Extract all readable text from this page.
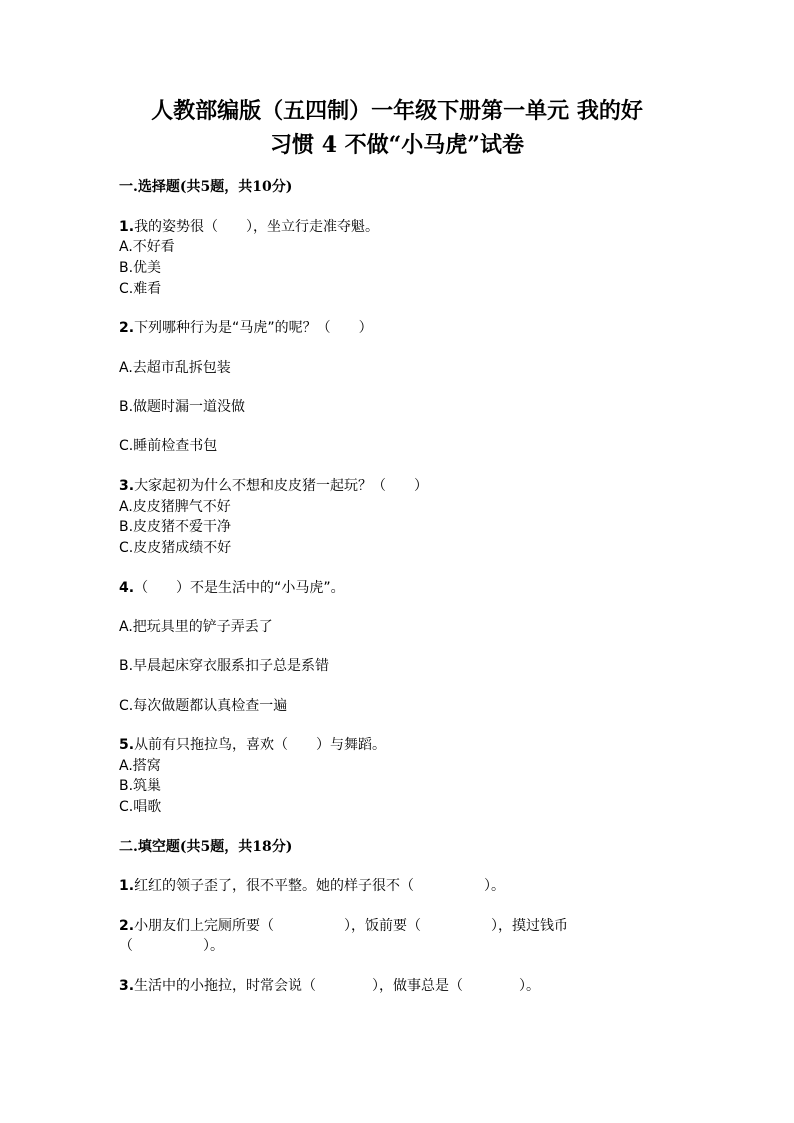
人教部编版（五四制）一年级下册第一单元 我的好
习惯 4 不做“小马虎”试卷
一.选择题(共5题，共10分)
1.我的姿势很（　　），坐立行走准夺魁。
A.不好看
B.优美
C.难看
2.下列哪种行为是“马虎”的呢？（　　）
A.去超市乱拆包装
B.做题时漏一道没做
C.睡前检查书包
3.大家起初为什么不想和皮皮猪一起玩？（　　）
A.皮皮猪脾气不好
B.皮皮猪不爱干净
C.皮皮猪成绩不好
4.（　　）不是生活中的“小马虎”。
A.把玩具里的铲子弄丢了
B.早晨起床穿衣服系扣子总是系错
C.每次做题都认真检查一遍
5.从前有只拖拉鸟，喜欢（　　）与舞蹈。
A.搭窝
B.筑巢
C.唱歌
二.填空题(共5题，共18分)
1.红红的领子歪了，很不平整。她的样子很不（　　　　　）。
2.小朋友们上完厕所要（　　　　　），饭前要（　　　　　），摸过钱币
（　　　　　）。
3.生活中的小拖拉，时常会说（　　　　），做事总是（　　　　）。
